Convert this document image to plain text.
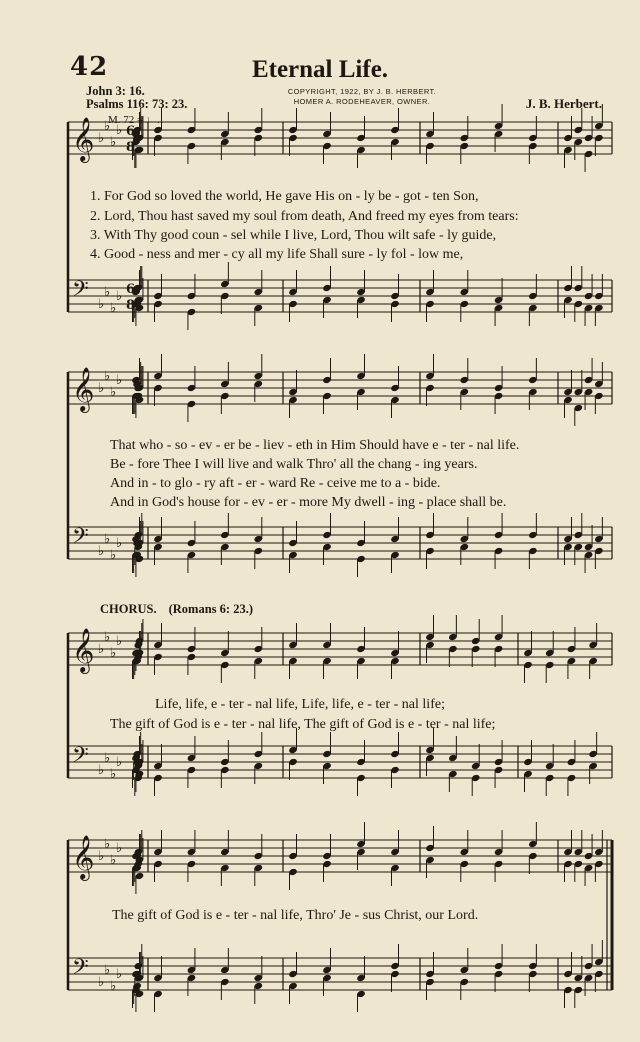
42	Eternal Life.
John 3: 16.
Psalms 116: 73: 23.
COPYRIGHT, 1922, BY J. B. HERBERT.
HOMER A. RODEHEAVER, OWNER.	J. B. Herbert.
M. 72 = ♩.
𝄞 ♭
♭
♭
♭
𝄢 ♭
♭
♭
♭
𝄞 ♭
♭
♭
♭
𝄢 ♭
♭
♭
♭
𝄞 ♭
♭
♭
♭
𝄢 ♭
♭
♭
♭
𝄞 ♭
♭
♭
♭
𝄢 ♭
♭
♭
♭
6
8
6
8
1. For God so loved the world, He gave His on - ly be - got - ten Son,
2. Lord, Thou hast saved my soul from death, And freed my eyes from tears:
3. With Thy good coun - sel while I live, Lord, Thou wilt safe - ly guide,
4. Good - ness and mer - cy all my life Shall sure - ly fol - low me,
That who - so - ev - er be - liev - eth in Him Should have e - ter - nal life.
Be - fore Thee I will live and walk Thro' all the chang - ing years.
And in - to glo - ry aft - er - ward Re - ceive me to a - bide.
And in God's house for - ev - er - more My dwell - ing - place shall be.
CHORUS. (Romans 6: 23.)
Life, life, e - ter - nal life, Life, life, e - ter - nal life;
The gift of God is e - ter - nal life, The gift of God is e - ter - nal life;
The gift of God is e - ter - nal life, Thro' Je - sus Christ, our Lord.
